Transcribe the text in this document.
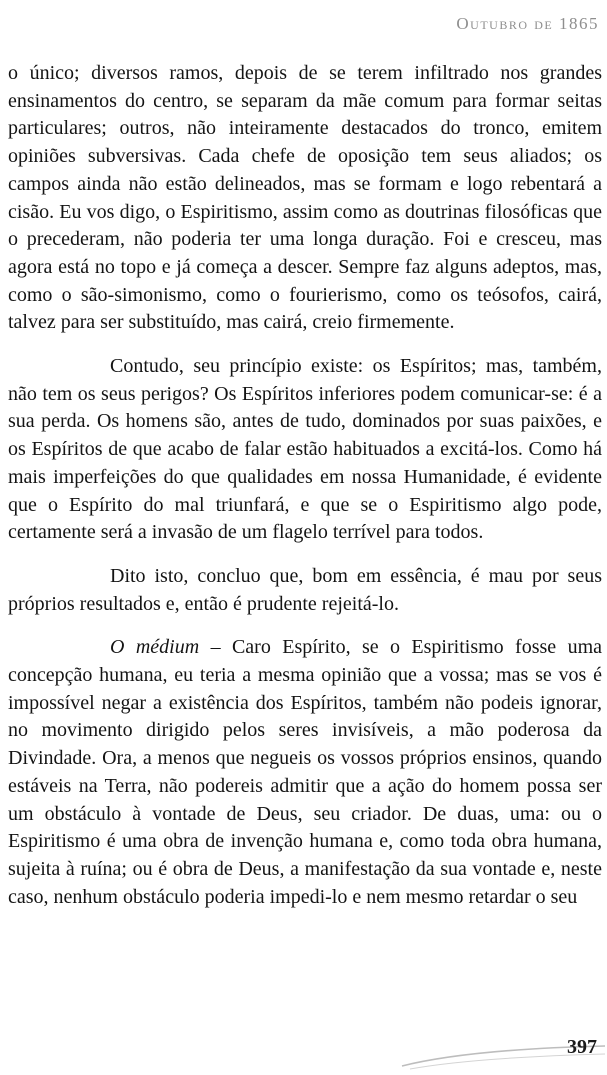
Outubro de 1865

o único; diversos ramos, depois de se terem infiltrado nos grandes ensinamentos do centro, se separam da mãe comum para formar seitas particulares; outros, não inteiramente destacados do tronco, emitem opiniões subversivas. Cada chefe de oposição tem seus aliados; os campos ainda não estão delineados, mas se formam e logo rebentará a cisão. Eu vos digo, o Espiritismo, assim como as doutrinas filosóficas que o precederam, não poderia ter uma longa duração. Foi e cresceu, mas agora está no topo e já começa a descer. Sempre faz alguns adeptos, mas, como o são-simonismo, como o fourierismo, como os teósofos, cairá, talvez para ser substituído, mas cairá, creio firmemente.

Contudo, seu princípio existe: os Espíritos; mas, também, não tem os seus perigos? Os Espíritos inferiores podem comunicar-se: é a sua perda. Os homens são, antes de tudo, dominados por suas paixões, e os Espíritos de que acabo de falar estão habituados a excitá-los. Como há mais imperfeições do que qualidades em nossa Humanidade, é evidente que o Espírito do mal triunfará, e que se o Espiritismo algo pode, certamente será a invasão de um flagelo terrível para todos.

Dito isto, concluo que, bom em essência, é mau por seus próprios resultados e, então é prudente rejeitá-lo.

O médium – Caro Espírito, se o Espiritismo fosse uma concepção humana, eu teria a mesma opinião que a vossa; mas se vos é impossível negar a existência dos Espíritos, também não podeis ignorar, no movimento dirigido pelos seres invisíveis, a mão poderosa da Divindade. Ora, a menos que negueis os vossos próprios ensinos, quando estáveis na Terra, não podereis admitir que a ação do homem possa ser um obstáculo à vontade de Deus, seu criador. De duas, uma: ou o Espiritismo é uma obra de invenção humana e, como toda obra humana, sujeita à ruína; ou é obra de Deus, a manifestação da sua vontade e, neste caso, nenhum obstáculo poderia impedi-lo e nem mesmo retardar o seu

397
